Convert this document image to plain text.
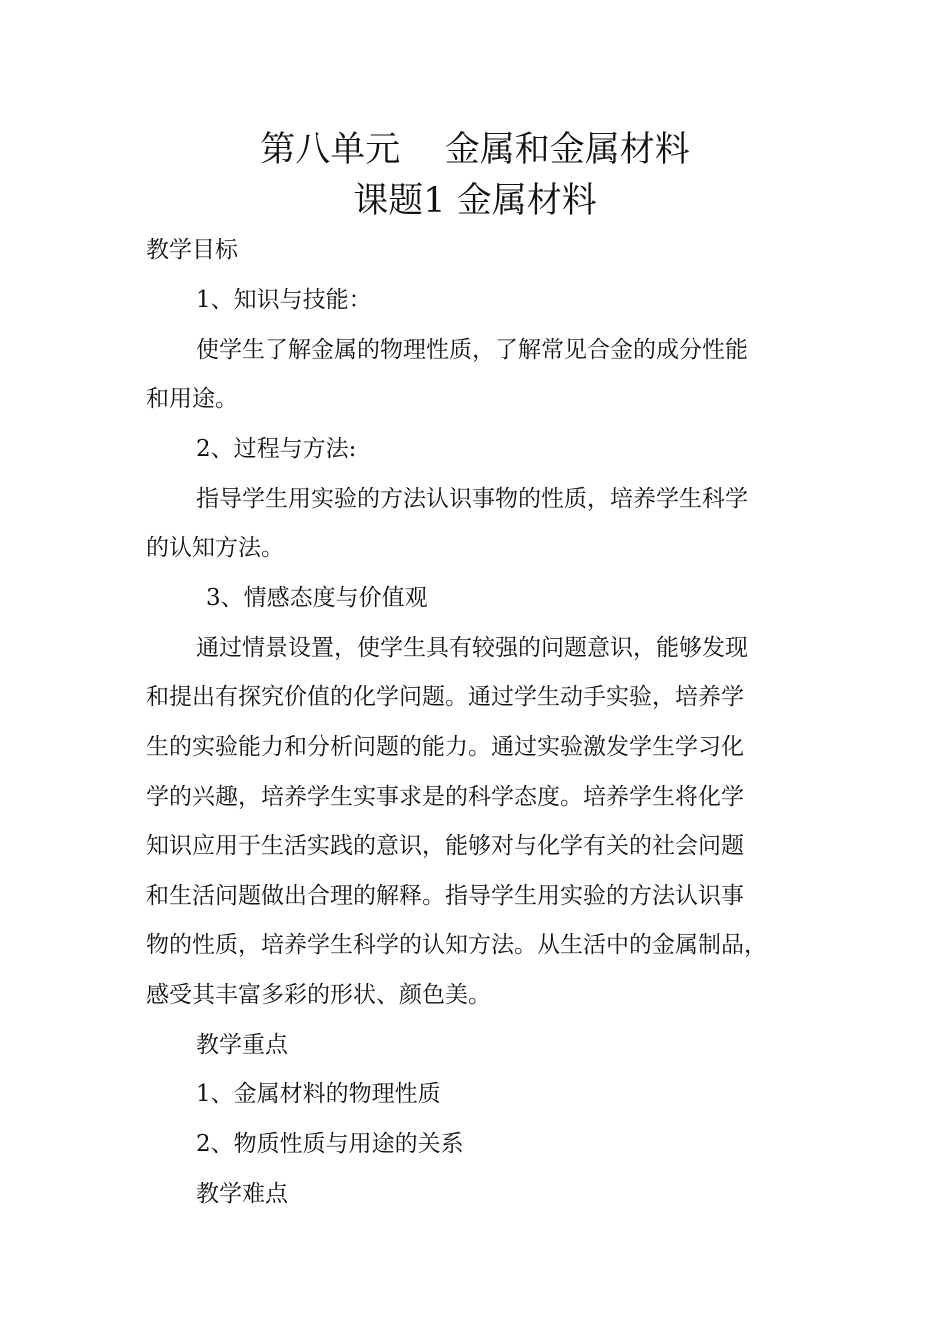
第八单元    金属和金属材料
课题1 金属材料
教学目标
1、知识与技能：
使学生了解金属的物理性质，了解常见合金的成分性能
和用途。
2、过程与方法:
指导学生用实验的方法认识事物的性质，培养学生科学
的认知方法。
3、情感态度与价值观
通过情景设置，使学生具有较强的问题意识，能够发现
和提出有探究价值的化学问题。通过学生动手实验，培养学
生的实验能力和分析问题的能力。通过实验激发学生学习化
学的兴趣，培养学生实事求是的科学态度。培养学生将化学
知识应用于生活实践的意识，能够对与化学有关的社会问题
和生活问题做出合理的解释。指导学生用实验的方法认识事
物的性质，培养学生科学的认知方法。从生活中的金属制品，
感受其丰富多彩的形状、颜色美。
教学重点
1、金属材料的物理性质
2、物质性质与用途的关系
教学难点
